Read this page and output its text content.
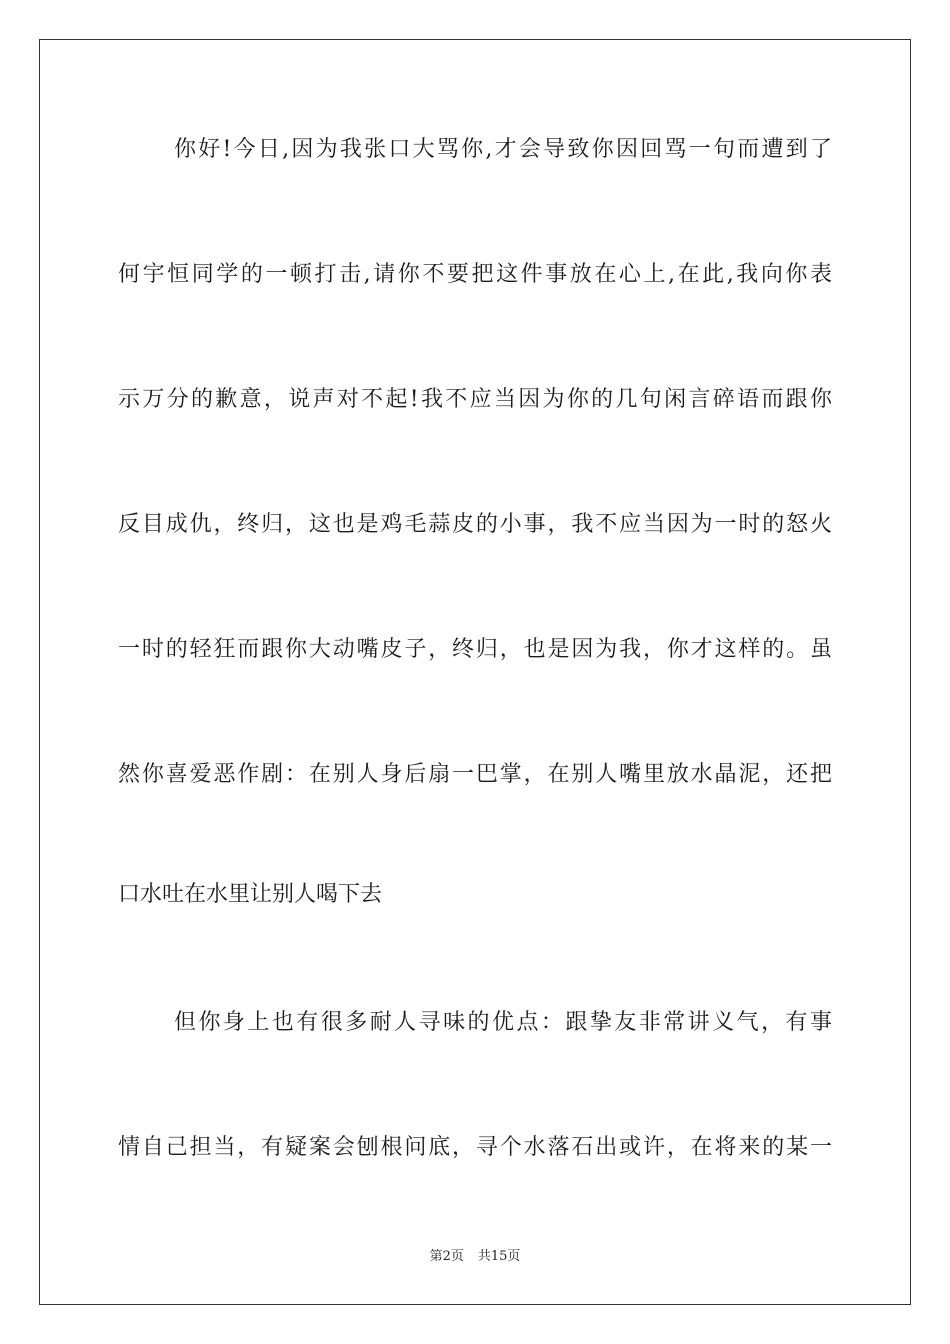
你好!今日,因为我张口大骂你,才会导致你因回骂一句而遭到了
何宇恒同学的一顿打击,请你不要把这件事放在心上,在此,我向你表
示万分的歉意，说声对不起!我不应当因为你的几句闲言碎语而跟你
反目成仇，终归，这也是鸡毛蒜皮的小事，我不应当因为一时的怒火
一时的轻狂而跟你大动嘴皮子，终归，也是因为我，你才这样的。虽
然你喜爱恶作剧：在别人身后扇一巴掌，在别人嘴里放水晶泥，还把
口水吐在水里让别人喝下去
但你身上也有很多耐人寻味的优点：跟挚友非常讲义气，有事
情自己担当，有疑案会刨根问底，寻个水落石出或许，在将来的某一
第2页 共15页
